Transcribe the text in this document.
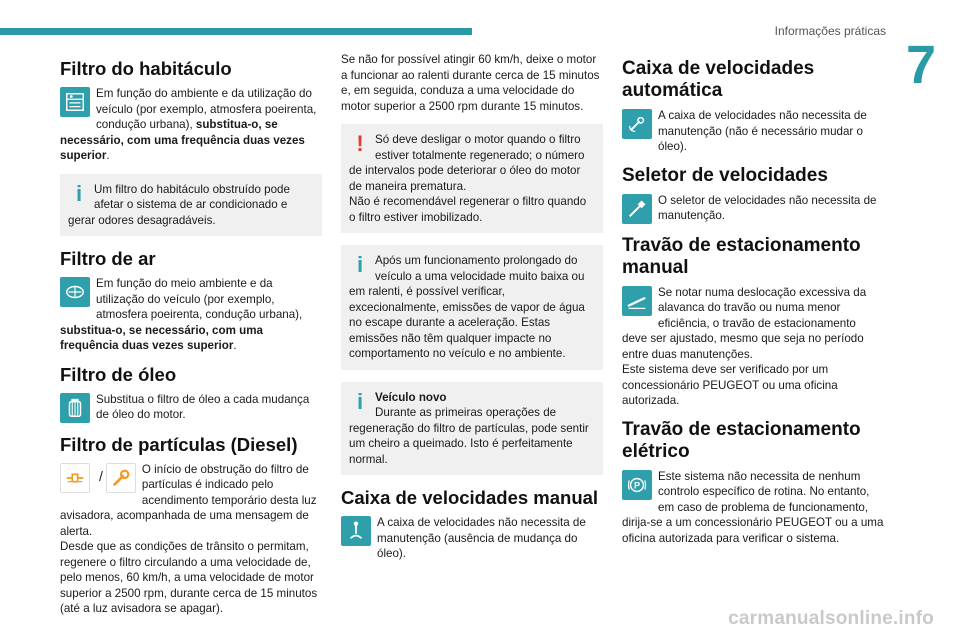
Informações práticas
7
carmanualsonline.info
Filtro do habitáculo

Em função do ambiente e da utilização do veículo (por exemplo, atmosfera poeirenta, condução urbana), substitua-o, se necessário, com uma frequência duas vezes superior.

i	Um filtro do habitáculo obstruído pode afetar o sistema de ar condicionado e gerar odores desagradáveis.

Filtro de ar

Em função do meio ambiente e da utilização do veículo (por exemplo, atmosfera poeirenta, condução urbana), substitua-o, se necessário, com uma frequência duas vezes superior.

Filtro de óleo

Substitua o filtro de óleo a cada mudança de óleo do motor.

Filtro de partículas (Diesel)
/	O início de obstrução do filtro de partículas é indicado pelo acendimento temporário desta luz avisadora, acompanhada de uma mensagem de alerta.

Desde que as condições de trânsito o permitam, regenere o filtro circulando a uma velocidade de, pelo menos, 60 km/h, a uma velocidade de motor superior a 2500 rpm, durante cerca de 15 minutos (até a luz avisadora se apagar).

Se não for possível atingir 60 km/h, deixe o motor a funcionar ao ralenti durante cerca de 15 minutos e, em seguida, conduza a uma velocidade do motor superior a 2500 rpm durante 15 minutos.

! Só deve desligar o motor quando o filtro estiver totalmente regenerado; o número de intervalos pode deteriorar o óleo do motor de maneira prematura.

Não é recomendável regenerar o filtro quando o filtro estiver imobilizado.

i	Após um funcionamento prolongado do veículo a uma velocidade muito baixa ou em ralenti, é possível verificar, excecionalmente, emissões de vapor de água no escape durante a aceleração. Estas emissões não têm qualquer impacte no comportamento no veículo e no ambiente.

i	Veículo novo
Durante as primeiras operações de regeneração do filtro de partículas, pode sentir um cheiro a queimado. Isto é perfeitamente normal.

Caixa de velocidades manual

A caixa de velocidades não necessita de manutenção (ausência de mudança do óleo).

Caixa de velocidades automática

A caixa de velocidades não necessita de manutenção (não é necessário mudar o óleo).

Seletor de velocidades

O seletor de velocidades não necessita de manutenção.

Travão de estacionamento manual

Se notar numa deslocação excessiva da alavanca do travão ou numa menor eficiência, o travão de estacionamento deve ser ajustado, mesmo que seja no período entre duas manutenções.

Este sistema deve ser verificado por um concessionário PEUGEOT ou uma oficina autorizada.

Travão de estacionamento elétrico
P

Este sistema não necessita de nenhum controlo específico de rotina. No entanto, em caso de problema de funcionamento, dirija-se a um concessionário PEUGEOT ou a uma oficina autorizada para verificar o sistema.
